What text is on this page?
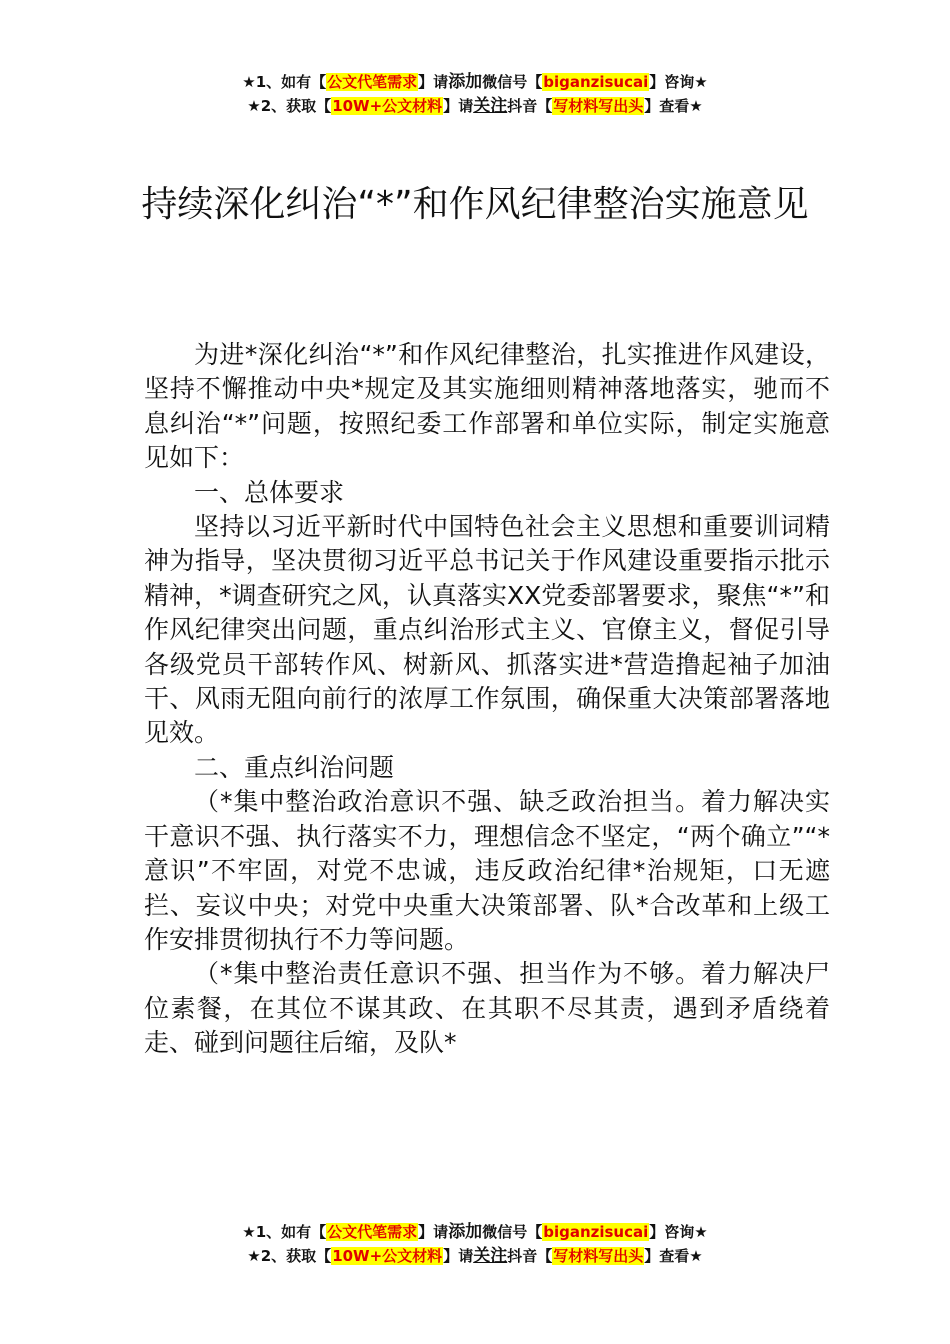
★1、如有【公文代笔需求】请添加微信号【biganzisucai】咨询★
★2、获取【10W+公文材料】请关注抖音【写材料写出头】查看★
持续深化纠治“*”和作风纪律整治实施意见

为进*深化纠治“*”和作风纪律整治，扎实推进作风建设，坚持不懈推动中央*规定及其实施细则精神落地落实，驰而不息纠治“*”问题，按照纪委工作部署和单位实际，制定实施意见如下：

一、总体要求

坚持以习近平新时代中国特色社会主义思想和重要训词精神为指导，坚决贯彻习近平总书记关于作风建设重要指示批示精神，*调查研究之风，认真落实XX党委部署要求，聚焦“*”和作风纪律突出问题，重点纠治形式主义、官僚主义，督促引导各级党员干部转作风、树新风、抓落实进*营造撸起袖子加油干、风雨无阻向前行的浓厚工作氛围，确保重大决策部署落地见效。

二、重点纠治问题

（*集中整治政治意识不强、缺乏政治担当。着力解决实干意识不强、执行落实不力，理想信念不坚定，“两个确立”“*意识”不牢固，对党不忠诚，违反政治纪律*治规矩，口无遮拦、妄议中央；对党中央重大决策部署、队*合改革和上级工作安排贯彻执行不力等问题。

（*集中整治责任意识不强、担当作为不够。着力解决尸位素餐，在其位不谋其政、在其职不尽其责，遇到矛盾绕着走、碰到问题往后缩，及队*

★1、如有【公文代笔需求】请添加微信号【biganzisucai】咨询★
★2、获取【10W+公文材料】请关注抖音【写材料写出头】查看★
